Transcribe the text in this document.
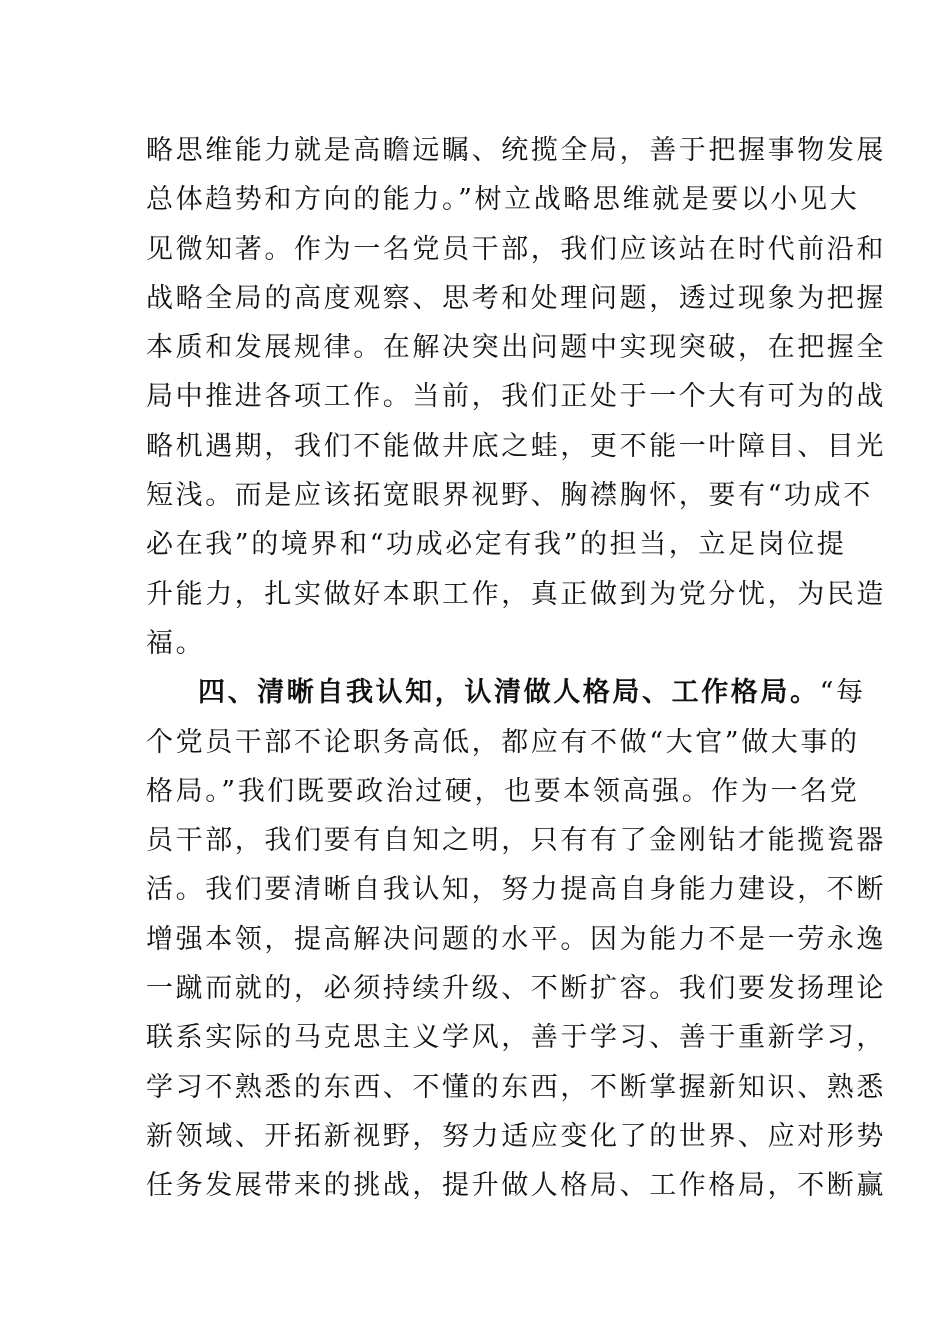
略思维能力就是高瞻远瞩、统揽全局，善于把握事物发展
总体趋势和方向的能力。”树立战略思维就是要以小见大
见微知著。作为一名党员干部，我们应该站在时代前沿和
战略全局的高度观察、思考和处理问题，透过现象为把握
本质和发展规律。在解决突出问题中实现突破，在把握全
局中推进各项工作。当前，我们正处于一个大有可为的战
略机遇期，我们不能做井底之蛙，更不能一叶障目、目光
短浅。而是应该拓宽眼界视野、胸襟胸怀，要有“功成不
必在我”的境界和“功成必定有我”的担当，立足岗位提
升能力，扎实做好本职工作，真正做到为党分忧，为民造
福。
四、清晰自我认知，认清做人格局、工作格局。“每
个党员干部不论职务高低，都应有不做“大官”做大事的
格局。”我们既要政治过硬，也要本领高强。作为一名党
员干部，我们要有自知之明，只有有了金刚钻才能揽瓷器
活。我们要清晰自我认知，努力提高自身能力建设，不断
增强本领，提高解决问题的水平。因为能力不是一劳永逸
一蹴而就的，必须持续升级、不断扩容。我们要发扬理论
联系实际的马克思主义学风，善于学习、善于重新学习，
学习不熟悉的东西、不懂的东西，不断掌握新知识、熟悉
新领域、开拓新视野，努力适应变化了的世界、应对形势
任务发展带来的挑战，提升做人格局、工作格局，不断赢
